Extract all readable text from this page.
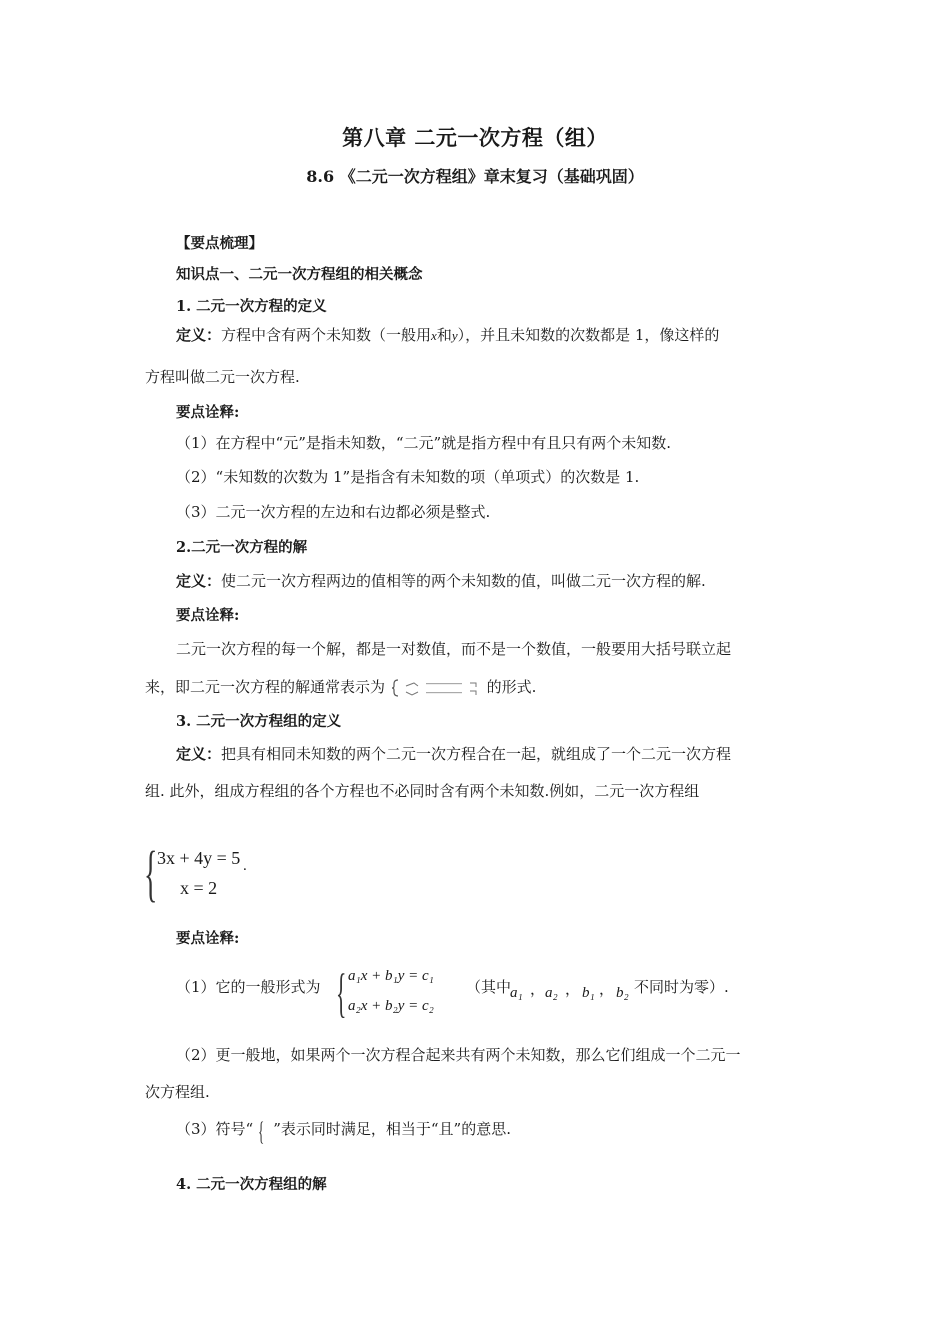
第八章 二元一次方程（组）
8.6 《二元一次方程组》章末复习（基础巩固）
【要点梳理】
知识点一、二元一次方程组的相关概念
1. 二元一次方程的定义
定义：方程中含有两个未知数（一般用x和y），并且未知数的次数都是 1，像这样的
方程叫做二元一次方程.
要点诠释:
（1）在方程中“元”是指未知数，“二元”就是指方程中有且只有两个未知数.
（2）“未知数的次数为 1”是指含有未知数的项（单项式）的次数是 1.
（3）二元一次方程的左边和右边都必须是整式.
2.二元一次方程的解
定义：使二元一次方程两边的值相等的两个未知数的值，叫做二元一次方程的解.
要点诠释:
二元一次方程的每一个解，都是一对数值，而不是一个数值，一般要用大括号联立起
来，即二元一次方程的解通常表示为	的形式.
3. 二元一次方程组的定义
定义：把具有相同未知数的两个二元一次方程合在一起，就组成了一个二元一次方程
组. 此外，组成方程组的各个方程也不必同时含有两个未知数.例如，二元一次方程组
{ 3x + 4y = 5
x = 2
.
要点诠释:
（1）它的一般形式为 { a₁x + b₁y = c₁
a₂x + b₂y = c₂
（其中
a₁ ， a₂ ， b₁ ， b₂ 不同时为零）.
（2）更一般地，如果两个一次方程合起来共有两个未知数，那么它们组成一个二元一
次方程组.
（3）符号“ { ”表示同时满足，相当于“且”的意思.
4. 二元一次方程组的解
